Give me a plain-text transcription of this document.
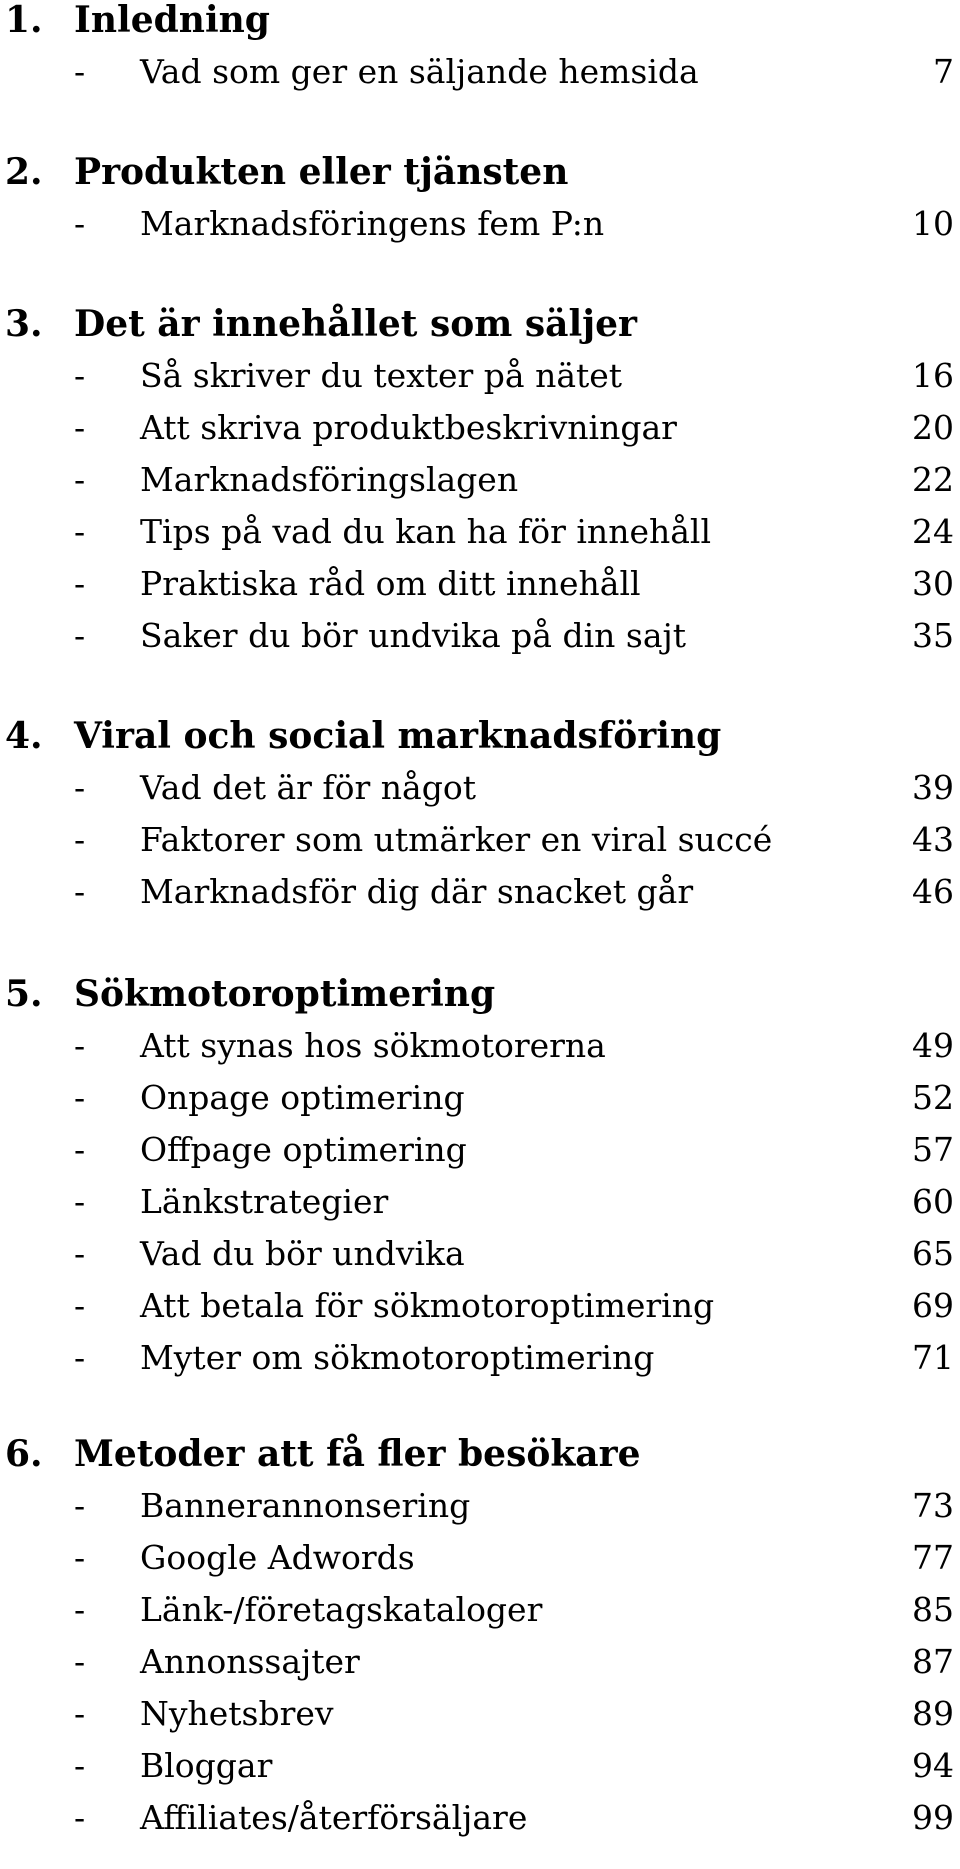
1. Inledning
- Vad som ger en säljande hemsida	7
2. Produkten eller tjänsten
- Marknadsföringens fem P:n	10
3. Det är innehållet som säljer
- Så skriver du texter på nätet	16
- Att skriva produktbeskrivningar	20
- Marknadsföringslagen	22
- Tips på vad du kan ha för innehåll	24
- Praktiska råd om ditt innehåll	30
- Saker du bör undvika på din sajt	35
4. Viral och social marknadsföring
- Vad det är för något	39
- Faktorer som utmärker en viral succé	43
- Marknadsför dig där snacket går	46
5. Sökmotoroptimering
- Att synas hos sökmotorerna	49
- Onpage optimering	52
- Offpage optimering	57
- Länkstrategier	60
- Vad du bör undvika	65
- Att betala för sökmotoroptimering	69
- Myter om sökmotoroptimering	71
6. Metoder att få fler besökare
- Bannerannonsering	73
- Google Adwords	77
- Länk-/företagskataloger	85
- Annonssajter	87
- Nyhetsbrev	89
- Bloggar	94
- Affiliates/återförsäljare	99
